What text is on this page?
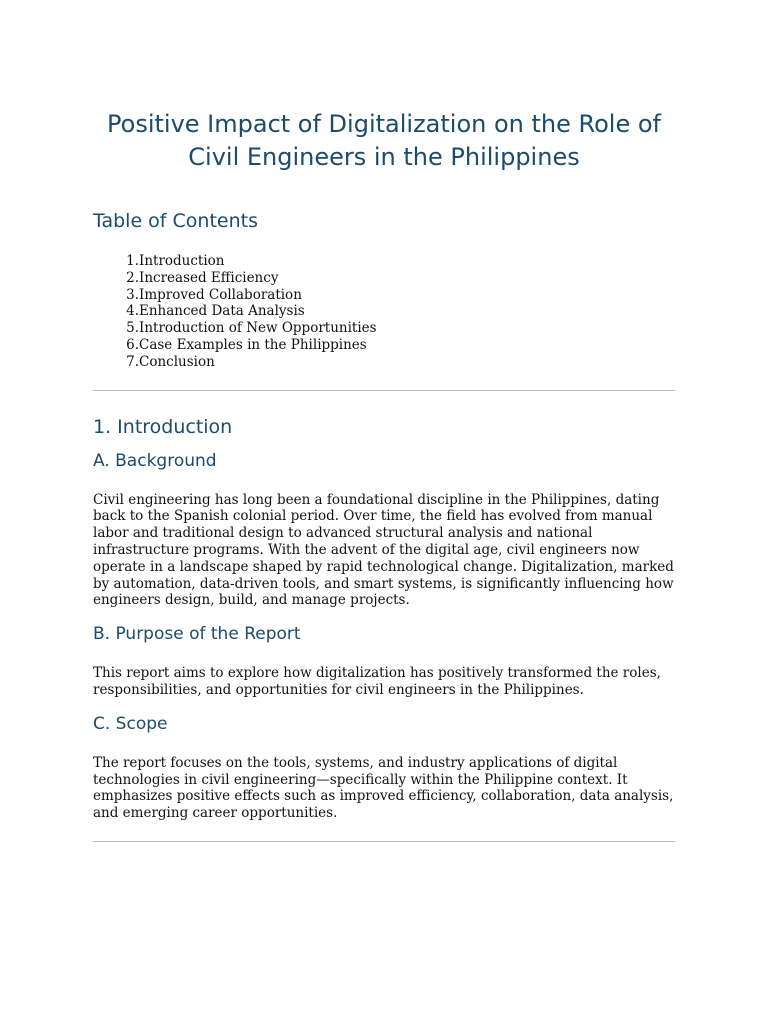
Positive Impact of Digitalization on the Role of Civil Engineers in the Philippines
Table of Contents
1. Introduction
2. Increased Efficiency
3. Improved Collaboration
4. Enhanced Data Analysis
5. Introduction of New Opportunities
6. Case Examples in the Philippines
7. Conclusion
1. Introduction
A. Background

Civil engineering has long been a foundational discipline in the Philippines, dating back to the Spanish colonial period. Over time, the field has evolved from manual labor and traditional design to advanced structural analysis and national infrastructure programs. With the advent of the digital age, civil engineers now operate in a landscape shaped by rapid technological change. Digitalization, marked by automation, data-driven tools, and smart systems, is significantly influencing how engineers design, build, and manage projects.

B. Purpose of the Report

This report aims to explore how digitalization has positively transformed the roles, responsibilities, and opportunities for civil engineers in the Philippines.

C. Scope

The report focuses on the tools, systems, and industry applications of digital technologies in civil engineering—specifically within the Philippine context. It emphasizes positive effects such as improved efficiency, collaboration, data analysis, and emerging career opportunities.
